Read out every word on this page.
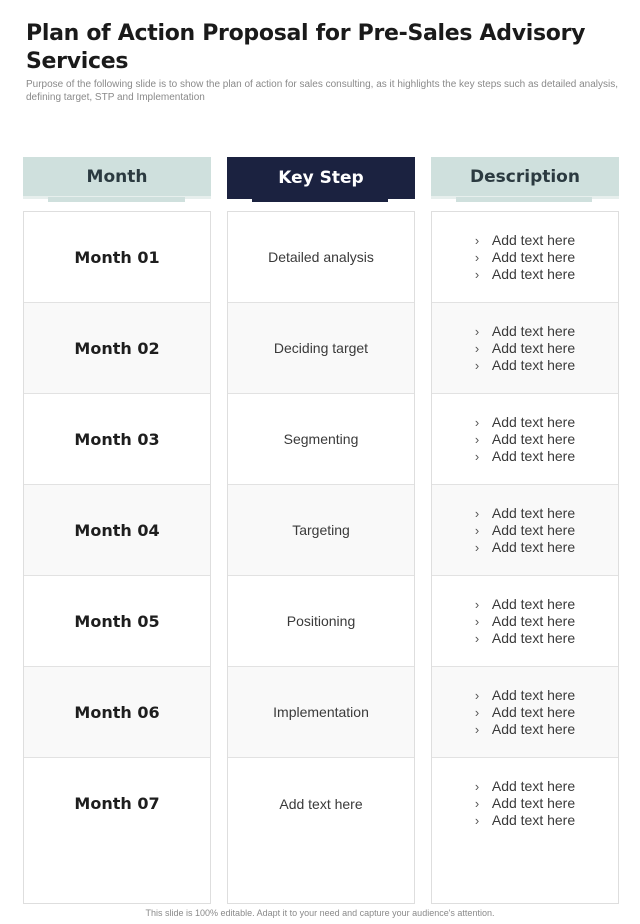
Plan of Action Proposal for Pre-Sales Advisory Services
Purpose of the following slide is to show the plan of action for sales consulting, as it highlights the key steps such as detailed analysis, defining target, STP and Implementation
Month
Month 01
Month 02
Month 03
Month 04
Month 05
Month 06
Month 07
Key Step
Detailed analysis
Deciding target
Segmenting
Targeting
Positioning
Implementation
Add text here
Description
› Add text here
› Add text here
› Add text here
› Add text here
› Add text here
› Add text here
› Add text here
› Add text here
› Add text here
› Add text here
› Add text here
› Add text here
› Add text here
› Add text here
› Add text here
› Add text here
› Add text here
› Add text here
› Add text here
› Add text here
› Add text here
This slide is 100% editable. Adapt it to your need and capture your audience's attention.
